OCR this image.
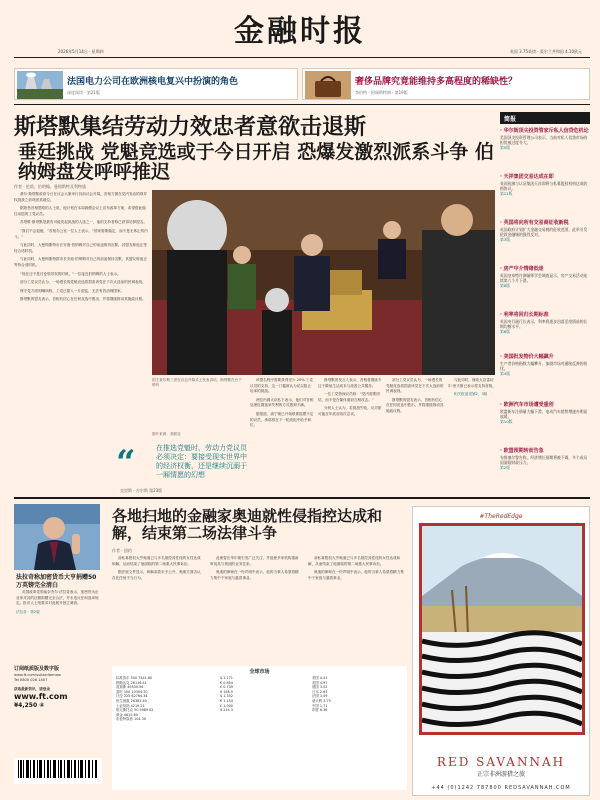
金融时报
2026年5月14日 · 星期四	英国 3.75英镑 · 爱尔兰共和国 4.10欧元
法国电力公司在欧洲核电复兴中扮演的角色
深度阅读 · 第21版
奢侈品牌究竟能维持多高程度的稀缺性？
李伯特 · 阿瑞斯特朗 · 第19版
斯塔默集结劳动力效忠者意欲击退斯
垂廷挑战 党魁竞选或于今日开启 恐爆发激烈派系斗争 伯纳姆盘发呼呼推迟
作者 · 伦敦、伯明翰、曼彻斯特及利物浦

基尔·斯塔默政府今日在议会大厦举行其前议会开幕，首相力图在党内发动的领导权挑战之前巩固其地位。

据熟悉首相思路的人士说，他计划在本周阁僚会议上宣布改革方案，希望借此稳住动摇的工党议员。

苏塔维·斯塔默是最有可能发起挑战的人选之一，他的支持者称已获得足够提名。

“我们不会退缩，”首相办公室一位人士表示，“国家需要稳定，而不是无休止的内斗。”

与此同时，大曼彻斯特市长安迪·伯纳姆对自己的前途保持沉默，其盟友称他正等待合适时机。

与此同时，大曼彻斯特郡市长安迪·伯纳姆对自己的前途保持沉默，其盟友称他正等待合适时机。

“现在还不是讨论领导权的时候，”一位接近伯纳姆的人士表示。

部分工党议员认为，一场漫长的党魁竞选将损害该党在下次大选前的民调表现。

保守党方面则嘲讽称，工党已陷入一片混乱，无法有效治理国家。

斯塔默的盟友表示，首相有信心在任何竞选中胜出，并将继续推动其施政议程。

国王查尔斯三世在议会开幕式上发表讲话，斯塔默在台下聆听
图片来源：美联社

该提名程序需要获得至少 20% 工党议员的支持，这一门槛被认为足以阻止轻率的挑战。

两位内阁大臣私下表示，他们对首相处理近期选举失利的方式感到不满。

据报道，唐宁街已开始联系摇摆不定的议员，承诺将在下一轮改组中给予职位。

斯塔默的发言人表示，首相将继续专注于降低生活成本与改善公共服务。

一位工党资深议员称：“党内需要团结，而不是在媒体面前互相攻击。”

分析人士认为，若挑战失败，反对派可能在年底前再次尝试。

部分工党议员认为，一场漫长的党魁竞选将损害该党在下次大选前的民调表现。

斯塔默的盟友表示，首相有信心在任何竞选中胜出，并将继续推动其施政议程。

与此同时，财政大臣雷切尔·里夫斯已表示将支持首相。

相关报道见第2、3版

“	在推选党魁时，劳动力党议员必须决定：要接受现实世界中的经济权衡，还是继续沉溺于一厢情愿的幻想
克里斯 · 吉尔斯 第23版
简报
· 华尔街顶尖投资管家斥私人信贷危机论
美国顶尖投资管理公司表示，当前对私人信贷市场的担忧被过度夸大。
第5版
· 天祥集团交易达成在即
英国检测与认证集团天祥即将与私募股权机构达成收购协议。
第12版
· 英国将向所有交易商征收新税
英国政府计划扩大金融交易税的征收范围，此举引发伦敦金融城的强烈反对。
第3版
· 房产中介情绪低迷
英国皇家特许测量师学会调查显示，房产交易活动连续第六个月下滑。
第8版
· 利率将回归长期标准
英国央行副行长表示，利率将逐步回落至疫情前的长期均衡水平。
第6版
· 美国批发物价大幅飙升
生产者价格指数大幅攀升，加剧市场对通胀反弹的担忧。
第4版
· 欧洲汽车市场遭受重创
欧盟新车注册量大幅下滑，电动汽车销售增速亦明显放缓。
第10版
· 欧盟预期转而告急
布鲁塞尔警告称，经济增长预期将被下调，多个成员国面临财政压力。
第2版
法拉奇称加密货币大亨捐赠50万英镑完全清白

英国改革党领袖奈杰尔·法拉奇表示，加密货币企业家对其的巨额捐赠完全合法，并未违反任何选举规定。批评人士则要求对此展开独立调查。

法拉奇 · 第2版

各地扫地的金融家奥迪就性侵指控达成和解，结束第二场法律斗争
作者 · 纽约

前私募股权大亨奥迪已与多名指控其性侵的女性达成和解，从而结束了他面临的第二场重大民事诉讼。

据法庭文件显示，和解条款未予公开，奥迪方面否认存在任何不当行为。

此案曾在华尔街引发广泛关注，并促使多家机构重新审视其与奥迪的业务往来。

奥迪的律师在一份声明中表示，他的当事人希望将精力集中于家庭与慈善事业。

前私募股权大亨奥迪已与多名指控其性侵的女性达成和解，从而结束了他面临的第二场重大民事诉讼。

奥迪的律师在一份声明中表示，他的当事人希望将精力集中于家庭与慈善事业。

订阅纸质版及数字版
www.ft.com/subscribenow
Tel 0800 028 1407
获取最新资讯，请登录
www.ft.com
¥4,250 ④
全球市场
标准普尔 500 7441.80
纳斯达克 26116.41
道琼斯 49550.56
富时 100 10304.70
日经 225 62764.34
恒生指数 26381.40
上证综指 4219.21
欧元斯托克 50 5889.02
黄金 4612.80
布伦特原油 104.30
$ 1.171
€ 0.854
£ 0.739
¥ 158.5
$ 1.352
€ 1.154
£ 1.000
¥ 214.3
美国 4.41
英国 4.97
德国 3.02
日本 2.63
法国 3.59
意大利 3.75
中国 1.71
印度 6.36
#TheRedEdge
RED SAVANNAH
正宗非洲游猎之旅
+44 (0)1242 787800 REDSAVANNAH.COM
